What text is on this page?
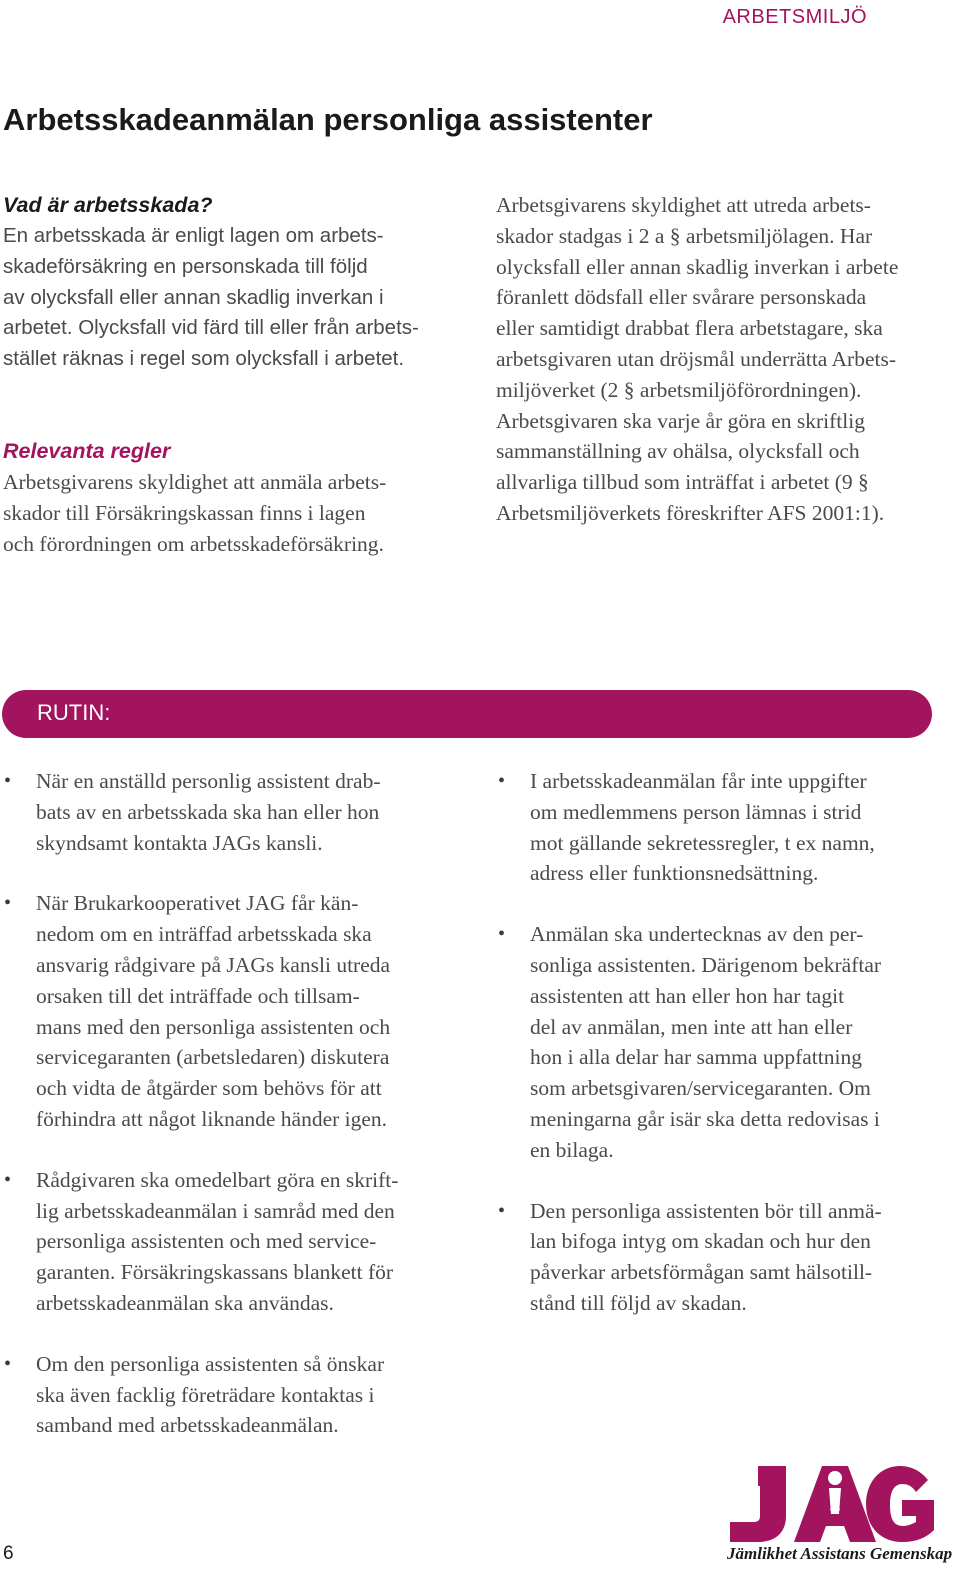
ARBETSMILJÖ
Arbetsskadeanmälan personliga assistenter

Vad är arbetsskada?

En arbetsskada är enligt lagen om arbets-
skadeförsäkring en personskada till följd
av olycksfall eller annan skadlig inverkan i
arbetet. Olycksfall vid färd till eller från arbets-
stället räknas i regel som olycksfall i arbetet.

Relevanta regler

Arbetsgivarens skyldighet att anmäla arbets-
skador till Försäkringskassan finns i lagen
och förordningen om arbetsskadeförsäkring.
Arbetsgivarens skyldighet att utreda arbets-
skador stadgas i 2 a § arbetsmiljölagen. Har
olycksfall eller annan skadlig inverkan i arbete
föranlett dödsfall eller svårare personskada
eller samtidigt drabbat flera arbetstagare, ska
arbetsgivaren utan dröjsmål underrätta Arbets-
miljöverket (2 § arbetsmiljöförordningen).
Arbetsgivaren ska varje år göra en skriftlig
sammanställning av ohälsa, olycksfall och
allvarliga tillbud som inträffat i arbetet (9 §
Arbetsmiljöverkets föreskrifter AFS 2001:1).
RUTIN:
• När en anställd personlig assistent drab-
bats av en arbetsskada ska han eller hon
skyndsamt kontakta JAGs kansli.
• När Brukarkooperativet JAG får kän-
nedom om en inträffad arbetsskada ska
ansvarig rådgivare på JAGs kansli utreda
orsaken till det inträffade och tillsam-
mans med den personliga assistenten och
servicegaranten (arbetsledaren) diskutera
och vidta de åtgärder som behövs för att
förhindra att något liknande händer igen.
• Rådgivaren ska omedelbart göra en skrift-
lig arbetsskadeanmälan i samråd med den
personliga assistenten och med service-
garanten. Försäkringskassans blankett för
arbetsskadeanmälan ska användas.
• Om den personliga assistenten så önskar
ska även facklig företrädare kontaktas i
samband med arbetsskadeanmälan.
• I arbetsskadeanmälan får inte uppgifter
om medlemmens person lämnas i strid
mot gällande sekretessregler, t ex namn,
adress eller funktionsnedsättning.
• Anmälan ska undertecknas av den per-
sonliga assistenten. Därigenom bekräftar
assistenten att han eller hon har tagit
del av anmälan, men inte att han eller
hon i alla delar har samma uppfattning
som arbetsgivaren/servicegaranten. Om
meningarna går isär ska detta redovisas i
en bilaga.
• Den personliga assistenten bör till anmä-
lan bifoga intyg om skadan och hur den
påverkar arbetsförmågan samt hälsotill-
stånd till följd av skadan.
6
JAG
Jämlikhet Assistans Gemenskap
